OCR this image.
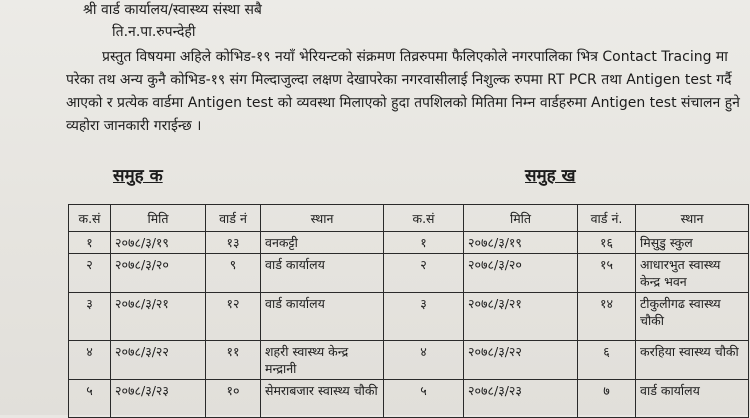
श्री वार्ड कार्यालय/स्वास्थ्य संस्था सबै
ति.न.पा.रुपन्देही
प्रस्तुत विषयमा अहिले कोभिड-१९ नयाँ भेरियन्टको संक्रमण तिव्ररुपमा फैलिएकोले नगरपालिका भित्र Contact Tracing मा
परेका तथ अन्य कुनै कोभिड-१९ संग मिल्दाजुल्दा लक्षण देखापरेका नगरवासीलाई निशुल्क रुपमा RT PCR तथा Antigen test गर्दै
आएको र प्रत्येक वार्डमा Antigen test को व्यवस्था मिलाएको हुदा तपशिलको मितिमा निम्न वार्डहरुमा Antigen test संचालन हुने
व्यहोरा जानकारी गराईन्छ ।
समुह क	समुह ख
क.सं	मिति	वार्ड नं	स्थान	क.सं	मिति	वार्ड नं.	स्थान
१	२०७८/३/१९	१३	वनकट्टी	१	२०७८/३/१९	१६	मिसुडु स्कुल
२	२०७८/३/२०	९	वार्ड कार्यालय	२	२०७८/३/२०	१५	आधारभुत स्वास्थ्य केन्द्र भवन
३	२०७८/३/२१	१२	वार्ड कार्यालय	३	२०७८/३/२१	१४	टीकुलीगढ स्वास्थ्य चौकी
४	२०७८/३/२२	११	शहरी स्वास्थ्य केन्द्र मन्द्रानी	४	२०७८/३/२२	६	करहिया स्वास्थ्य चौकी
५	२०७८/३/२३	१०	सेमराबजार स्वास्थ्य चौकी	५	२०७८/३/२३	७	वार्ड कार्यालय
